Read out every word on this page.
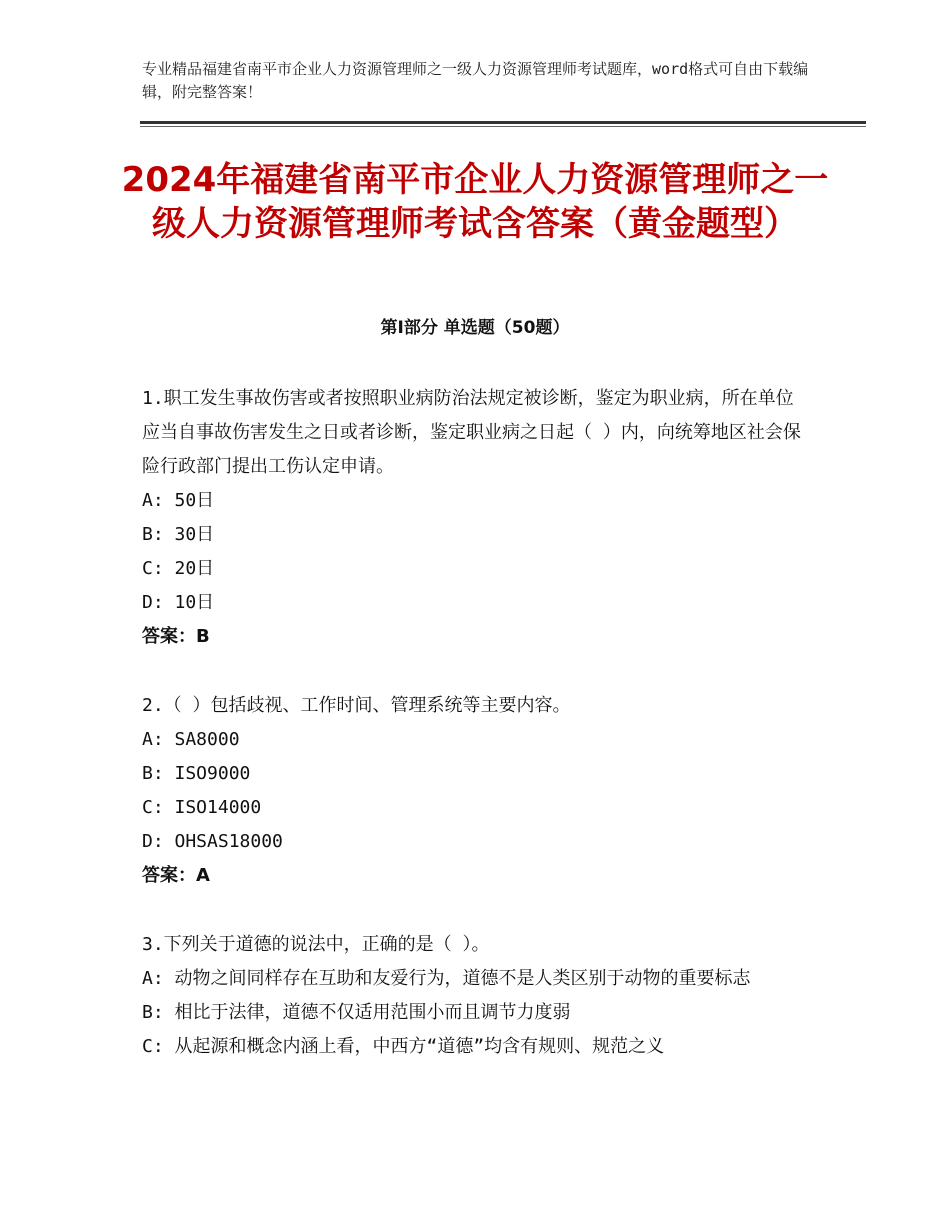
专业精品福建省南平市企业人力资源管理师之一级人力资源管理师考试题库，word格式可自由下载编辑，附完整答案！
2024年福建省南平市企业人力资源管理师之一级人力资源管理师考试含答案（黄金题型）
第Ⅰ部分 单选题（50题）
1.职工发生事故伤害或者按照职业病防治法规定被诊断，鉴定为职业病，所在单位应当自事故伤害发生之日或者诊断，鉴定职业病之日起（ ）内，向统筹地区社会保险行政部门提出工伤认定申请。
A: 50日
B: 30日
C: 20日
D: 10日
答案：B
2.（ ）包括歧视、工作时间、管理系统等主要内容。
A: SA8000
B: ISO9000
C: ISO14000
D: OHSAS18000
答案：A
3.下列关于道德的说法中，正确的是（ ）。
A: 动物之间同样存在互助和友爱行为，道德不是人类区别于动物的重要标志
B: 相比于法律，道德不仅适用范围小而且调节力度弱
C: 从起源和概念内涵上看，中西方“道德”均含有规则、规范之义
